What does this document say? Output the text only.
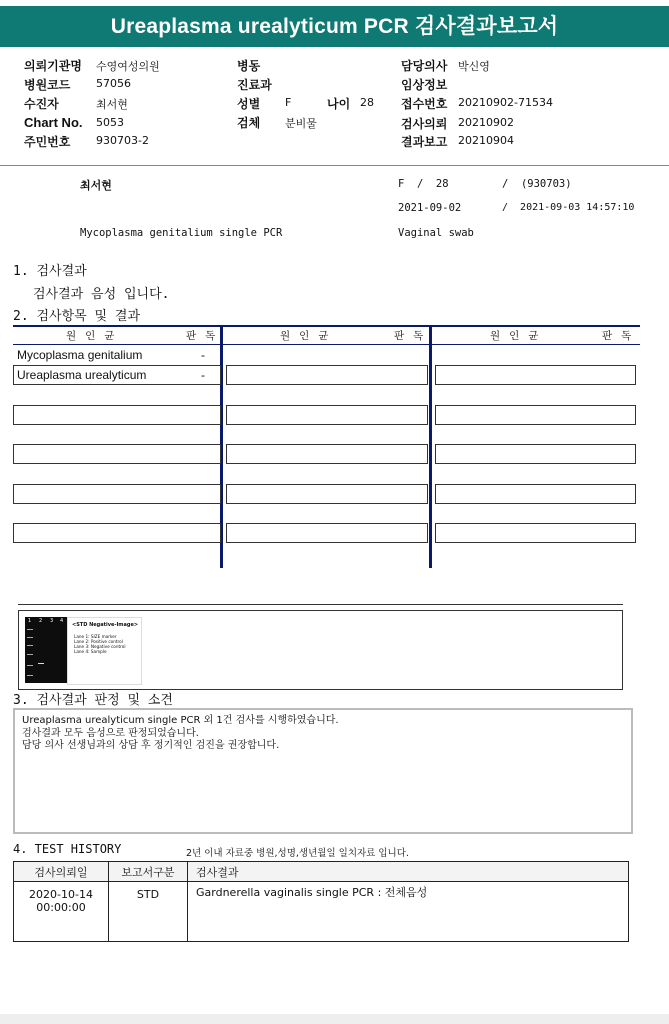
Ureaplasma urealyticum PCR 검사결과보고서
의뢰기관명 수영여성의원
병원코드 57056
수진자	최서현
Chart No. 5053
주민번호 930703-2
병동
진료과
성별 F	나이 28
검체 분비물
담당의사 박신영
임상정보
접수번호 20210902-71534
검사의뢰 20210902
결과보고 20210904
최서현	F  /  28	/  (930703)
2021-09-02	/  2021-09-03 14:57:10
Mycoplasma genitalium single PCR	Vaginal swab
1. 검사결과
검사결과 음성 입니다.
2. 검사항목 및 결과
원인균	판독	원인균	판독	원인균	판독
Mycoplasma genitalium	-
Ureaplasma urealyticum	-
1 2 3 4
<STD Negative-Image>
Lane 1: SIZE marker
Lane 2: Positive control
Lane 3: Negative control
Lane 4: Sample
3. 검사결과 판정 및 소견
Ureaplasma urealyticum single PCR 외 1건 검사를 시행하였습니다.
검사결과 모두 음성으로 판정되었습니다.
담당 의사 선생님과의 상담 후 정기적인 검진을 권장합니다.
4. TEST HISTORY	2년 이내 자료중 병원,성명,생년월일 일치자료 입니다.
검사의뢰일	보고서구분	검사결과

2020-10-14
00:00:00	STD	Gardnerella vaginalis single PCR : 전체음성
